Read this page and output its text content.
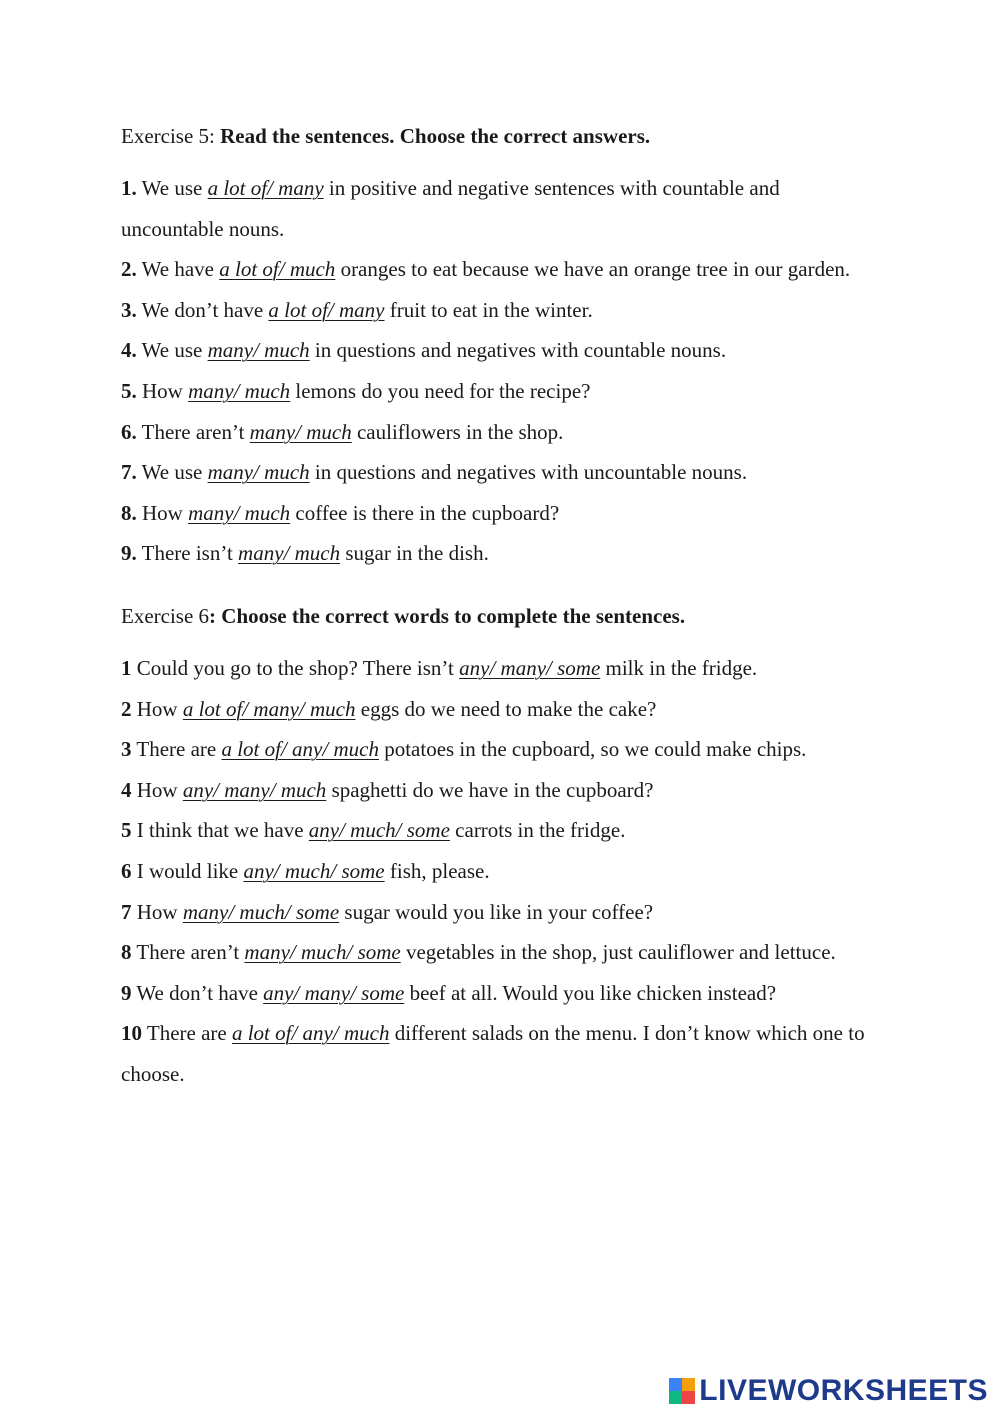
Exercise 5: Read the sentences. Choose the correct answers.

1. We use a lot of/ many in positive and negative sentences with countable and uncountable nouns.

2. We have a lot of/ much oranges to eat because we have an orange tree in our garden.

3. We don’t have a lot of/ many fruit to eat in the winter.

4. We use many/ much in questions and negatives with countable nouns.

5. How many/ much lemons do you need for the recipe?

6. There aren’t many/ much cauliflowers in the shop.

7. We use many/ much in questions and negatives with uncountable nouns.

8. How many/ much coffee is there in the cupboard?

9. There isn’t many/ much sugar in the dish.

Exercise 6: Choose the correct words to complete the sentences.

1 Could you go to the shop? There isn’t any/ many/ some milk in the fridge.

2 How a lot of/ many/ much eggs do we need to make the cake?

3 There are a lot of/ any/ much potatoes in the cupboard, so we could make chips.

4 How any/ many/ much spaghetti do we have in the cupboard?

5 I think that we have any/ much/ some carrots in the fridge.

6 I would like any/ much/ some fish, please.

7 How many/ much/ some sugar would you like in your coffee?

8 There aren’t many/ much/ some vegetables in the shop, just cauliflower and lettuce.

9 We don’t have any/ many/ some beef at all. Would you like chicken instead?

10 There are a lot of/ any/ much different salads on the menu. I don’t know which one to choose.

LIVEWORKSHEETS
